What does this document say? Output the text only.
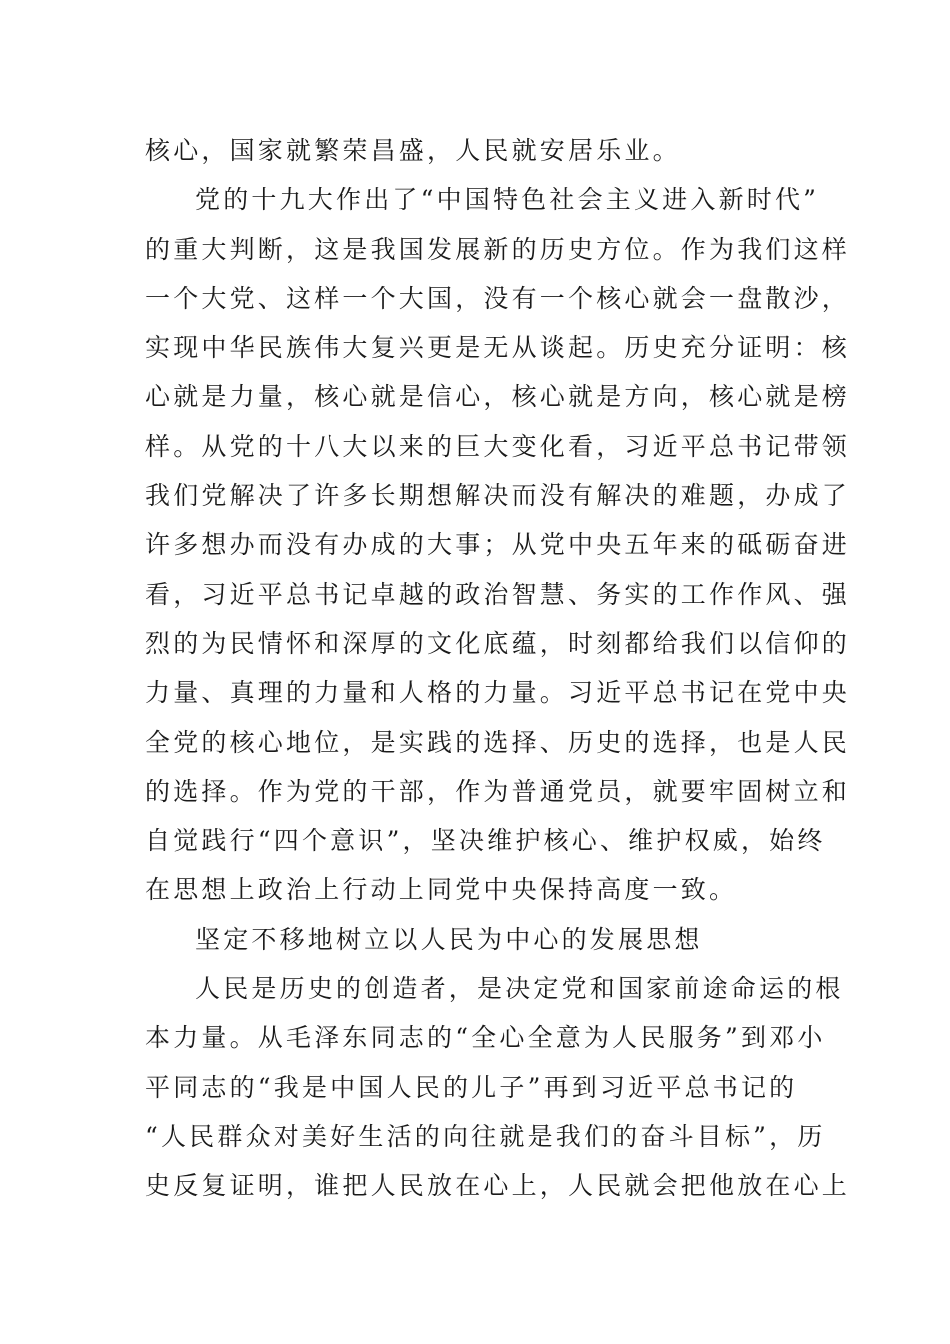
核心，国家就繁荣昌盛，人民就安居乐业。
党的十九大作出了“中国特色社会主义进入新时代”
的重大判断，这是我国发展新的历史方位。作为我们这样
一个大党、这样一个大国，没有一个核心就会一盘散沙，
实现中华民族伟大复兴更是无从谈起。历史充分证明：核
心就是力量，核心就是信心，核心就是方向，核心就是榜
样。从党的十八大以来的巨大变化看，习近平总书记带领
我们党解决了许多长期想解决而没有解决的难题，办成了
许多想办而没有办成的大事；从党中央五年来的砥砺奋进
看，习近平总书记卓越的政治智慧、务实的工作作风、强
烈的为民情怀和深厚的文化底蕴，时刻都给我们以信仰的
力量、真理的力量和人格的力量。习近平总书记在党中央
全党的核心地位，是实践的选择、历史的选择，也是人民
的选择。作为党的干部，作为普通党员，就要牢固树立和
自觉践行“四个意识”，坚决维护核心、维护权威，始终
在思想上政治上行动上同党中央保持高度一致。
坚定不移地树立以人民为中心的发展思想
人民是历史的创造者，是决定党和国家前途命运的根
本力量。从毛泽东同志的“全心全意为人民服务”到邓小
平同志的“我是中国人民的儿子”再到习近平总书记的
“人民群众对美好生活的向往就是我们的奋斗目标”，历
史反复证明，谁把人民放在心上，人民就会把他放在心上
